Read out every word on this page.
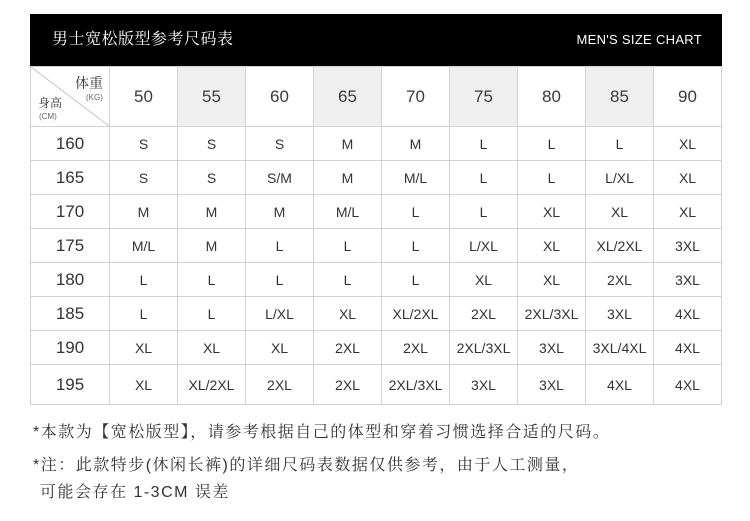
男士宽松版型参考尺码表	MEN'S SIZE CHART
体重
(KG)
身高
(CM)	50	55	60	65	70	75	80	85	90
160	S	S	S	M	M	L	L	L	XL
165	S	S	S/M	M	M/L	L	L	L/XL	XL
170	M	M	M	M/L	L	L	XL	XL	XL
175	M/L	M	L	L	L	L/XL	XL	XL/2XL	3XL
180	L	L	L	L	L	XL	XL	2XL	3XL
185	L	L	L/XL	XL	XL/2XL	2XL	2XL/3XL	3XL	4XL
190	XL	XL	XL	2XL	2XL	2XL/3XL	3XL	3XL/4XL	4XL
195	XL	XL/2XL	2XL	2XL	2XL/3XL	3XL	3XL	4XL	4XL
*本款为【宽松版型】，请参考根据自己的体型和穿着习惯选择合适的尺码。
*注：此款特步(休闲长裤)的详细尺码表数据仅供参考，由于人工测量，
可能会存在 1-3CM 误差
